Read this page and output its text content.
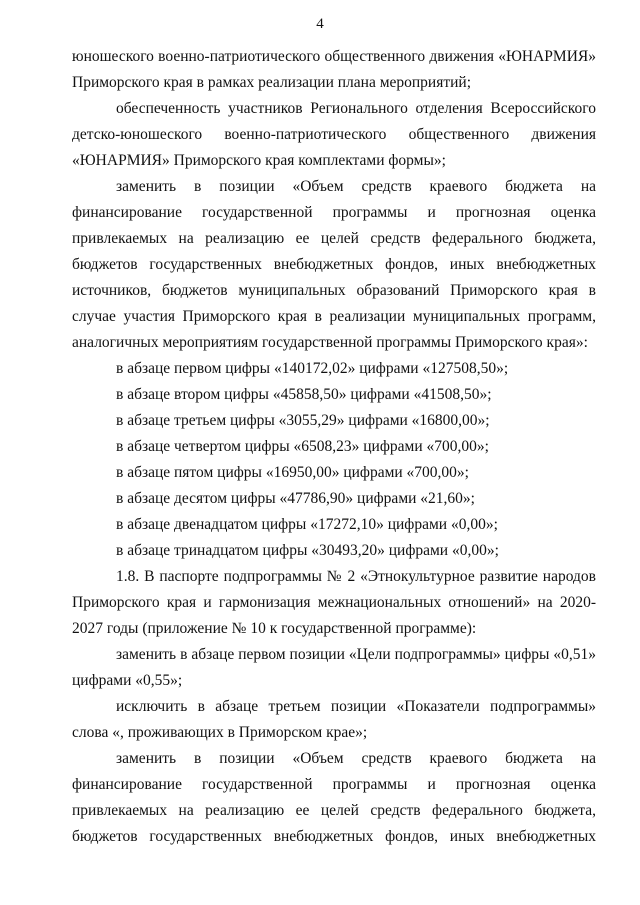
4

юношеского военно-патриотического общественного движения «ЮНАРМИЯ» Приморского края в рамках реализации плана мероприятий;

обеспеченность участников Регионального отделения Всероссийского детско-юношеского военно-патриотического общественного движения «ЮНАРМИЯ» Приморского края комплектами формы»;

заменить в позиции «Объем средств краевого бюджета на финансирование государственной программы и прогнозная оценка привлекаемых на реализацию ее целей средств федерального бюджета, бюджетов государственных внебюджетных фондов, иных внебюджетных источников, бюджетов муниципальных образований Приморского края в случае участия Приморского края в реализации муниципальных программ, аналогичных мероприятиям государственной программы Приморского края»:

в абзаце первом цифры «140172,02» цифрами «127508,50»;

в абзаце втором цифры «45858,50» цифрами «41508,50»;

в абзаце третьем цифры «3055,29» цифрами «16800,00»;

в абзаце четвертом цифры «6508,23» цифрами «700,00»;

в абзаце пятом цифры «16950,00» цифрами «700,00»;

в абзаце десятом цифры «47786,90» цифрами «21,60»;

в абзаце двенадцатом цифры «17272,10» цифрами «0,00»;

в абзаце тринадцатом цифры «30493,20» цифрами «0,00»;

1.8. В паспорте подпрограммы № 2 «Этнокультурное развитие народов Приморского края и гармонизация межнациональных отношений» на 2020-2027 годы (приложение № 10 к государственной программе):

заменить в абзаце первом позиции «Цели подпрограммы» цифры «0,51» цифрами «0,55»;

исключить в абзаце третьем позиции «Показатели подпрограммы» слова «, проживающих в Приморском крае»;

заменить в позиции «Объем средств краевого бюджета на финансирование государственной программы и прогнозная оценка привлекаемых на реализацию ее целей средств федерального бюджета, бюджетов государственных внебюджетных фондов, иных внебюджетных
